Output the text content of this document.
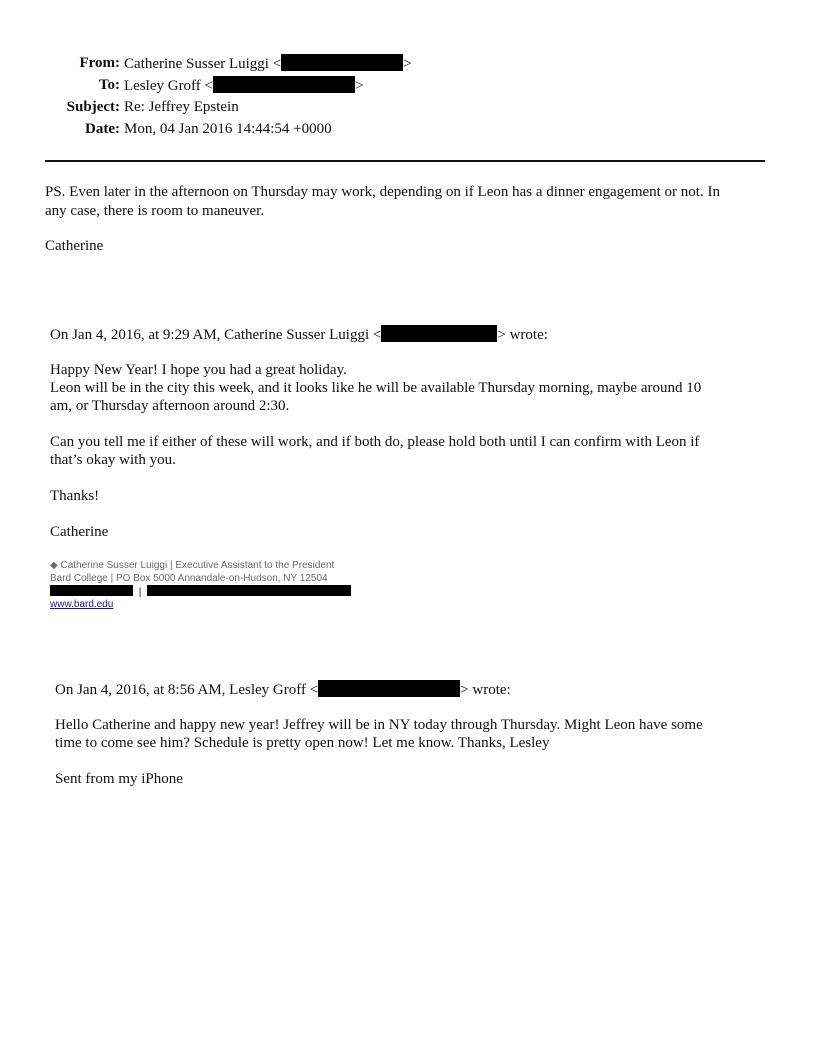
From: Catherine Susser Luiggi <	>
To: Lesley Groff <	>
Subject: Re: Jeffrey Epstein
Date: Mon, 04 Jan 2016 14:44:54 +0000
PS. Even later in the afternoon on Thursday may work, depending on if Leon has a dinner engagement or not. In
any case, there is room to maneuver.
Catherine
On Jan 4, 2016, at 9:29 AM, Catherine Susser Luiggi <	> wrote:
Happy New Year! I hope you had a great holiday.
Leon will be in the city this week, and it looks like he will be available Thursday morning, maybe around 10
am, or Thursday afternoon around 2:30.
Can you tell me if either of these will work, and if both do, please hold both until I can confirm with Leon if
that’s okay with you.
Thanks!
Catherine
◆ Catherine Susser Luiggi | Executive Assistant to the President
Bard College | PO Box 5000 Annandale-on-Hudson, NY 12504
|
www.bard.edu
On Jan 4, 2016, at 8:56 AM, Lesley Groff <	> wrote:
Hello Catherine and happy new year! Jeffrey will be in NY today through Thursday. Might Leon have some
time to come see him? Schedule is pretty open now! Let me know. Thanks, Lesley
Sent from my iPhone
